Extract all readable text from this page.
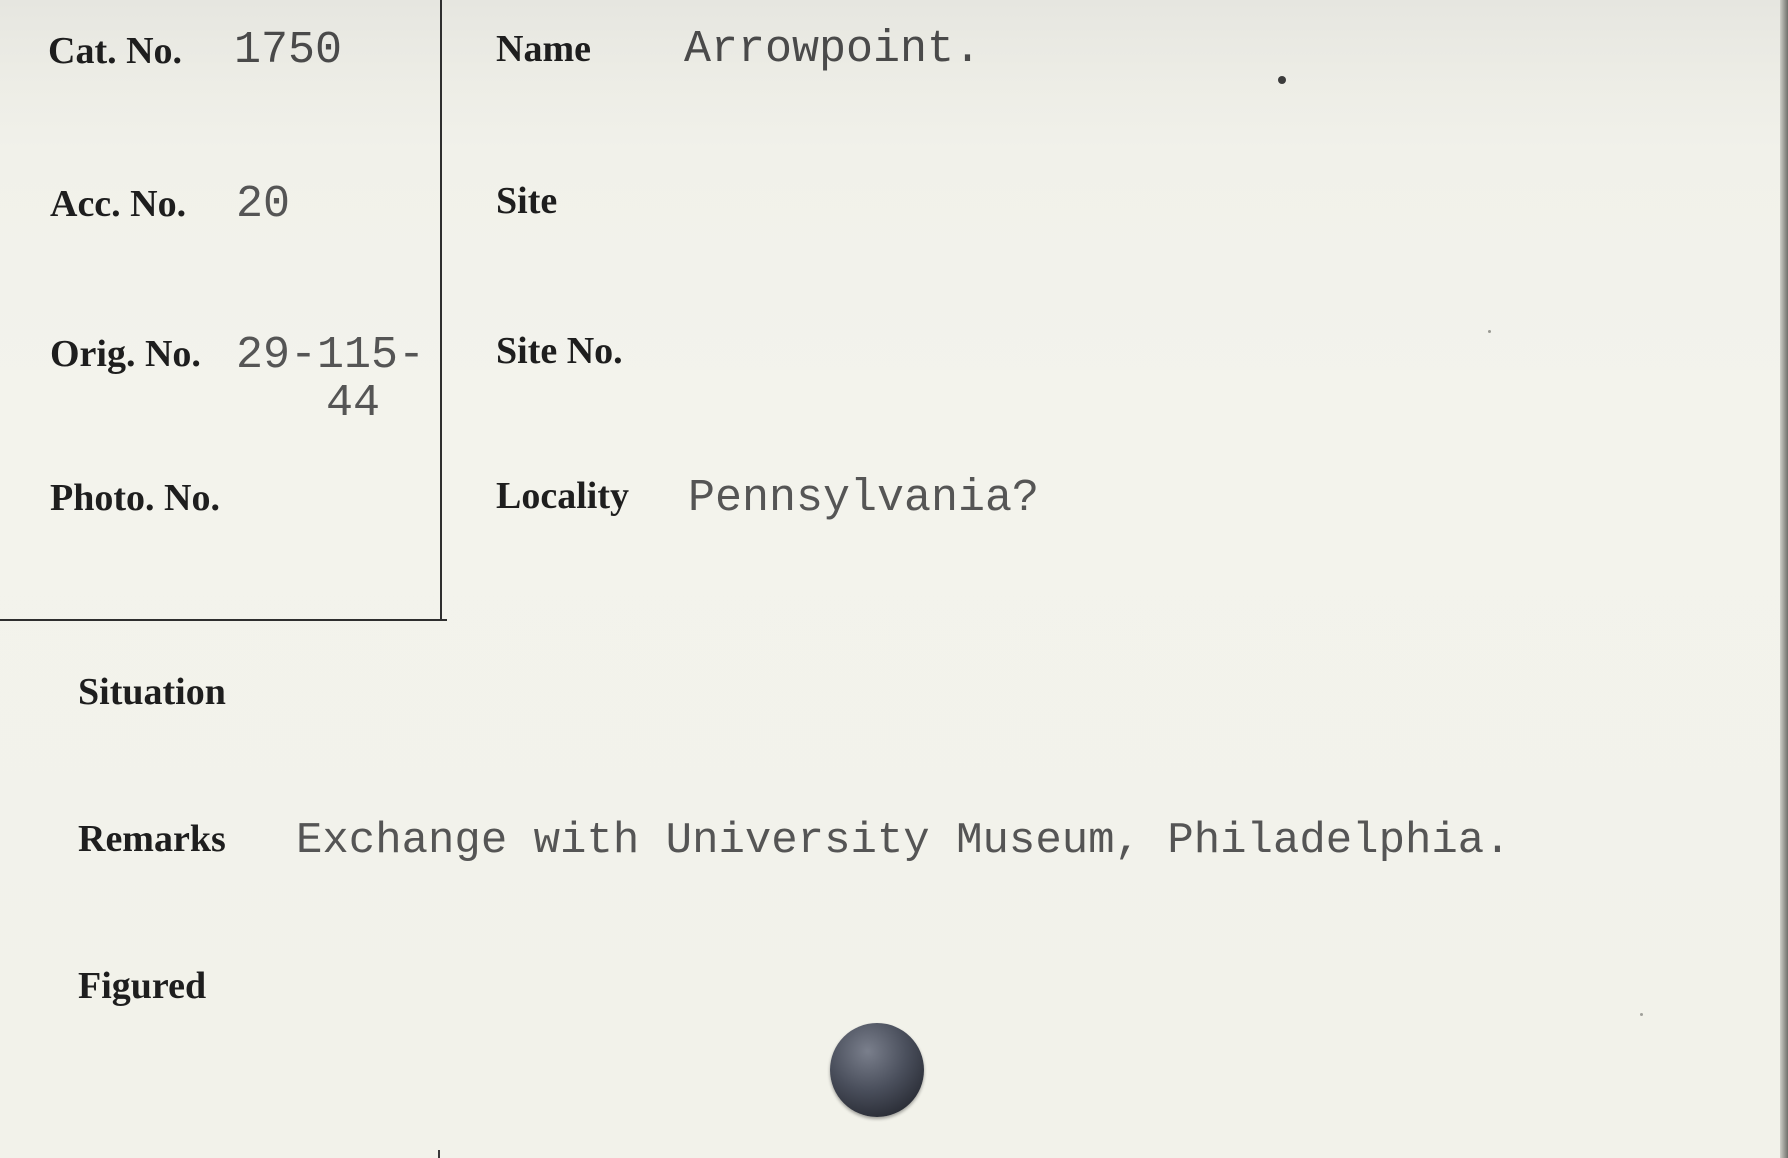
Cat. No. 1750
Acc. No. 20
Orig. No. 29-115-
44
Photo. No.
Name Arrowpoint.
Site
Site No.
Locality Pennsylvania?
Situation
Remarks Exchange with University Museum, Philadelphia.
Figured
